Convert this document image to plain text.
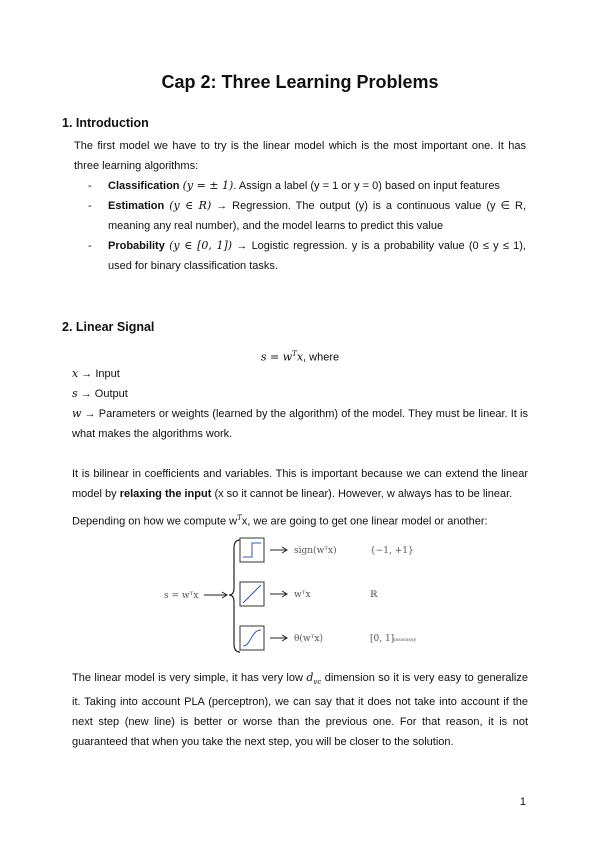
Cap 2: Three Learning Problems
1. Introduction
The first model we have to try is the linear model which is the most important one. It has three learning algorithms:
- Classification (y = ± 1). Assign a label (y = 1 or y = 0) based on input features
- Estimation (y ∈ R) → Regression. The output (y) is a continuous value (y ∈ R, meaning any real number), and the model learns to predict this value
- Probability (y ∈ [0, 1]) → Logistic regression. y is a probability value (0 ≤ y ≤ 1), used for binary classification tasks.
2. Linear Signal
$s = w^Tx$, where
x → Input
s → Output
w → Parameters or weights (learned by the algorithm) of the model. They must be linear. It is what makes the algorithms work.
It is bilinear in coefficients and variables. This is important because we can extend the linear model by relaxing the input (x so it cannot be linear). However, w always has to be linear.
Depending on how we compute $w^Tx$, we are going to get one linear model or another:
s = wᵀx
sign(wᵀx)	{−1, +1}
wᵀx	ℝ
θ(wᵀx)	[0, 1]
ssssssssy
The linear model is very simple, it has very low $d_{vc}$ dimension so it is very easy to generalize it. Taking into account PLA (perceptron), we can say that it does not take into account if the next step (new line) is better or worse than the previous one. For that reason, it is not guaranteed that when you take the next step, you will be closer to the solution.
1
